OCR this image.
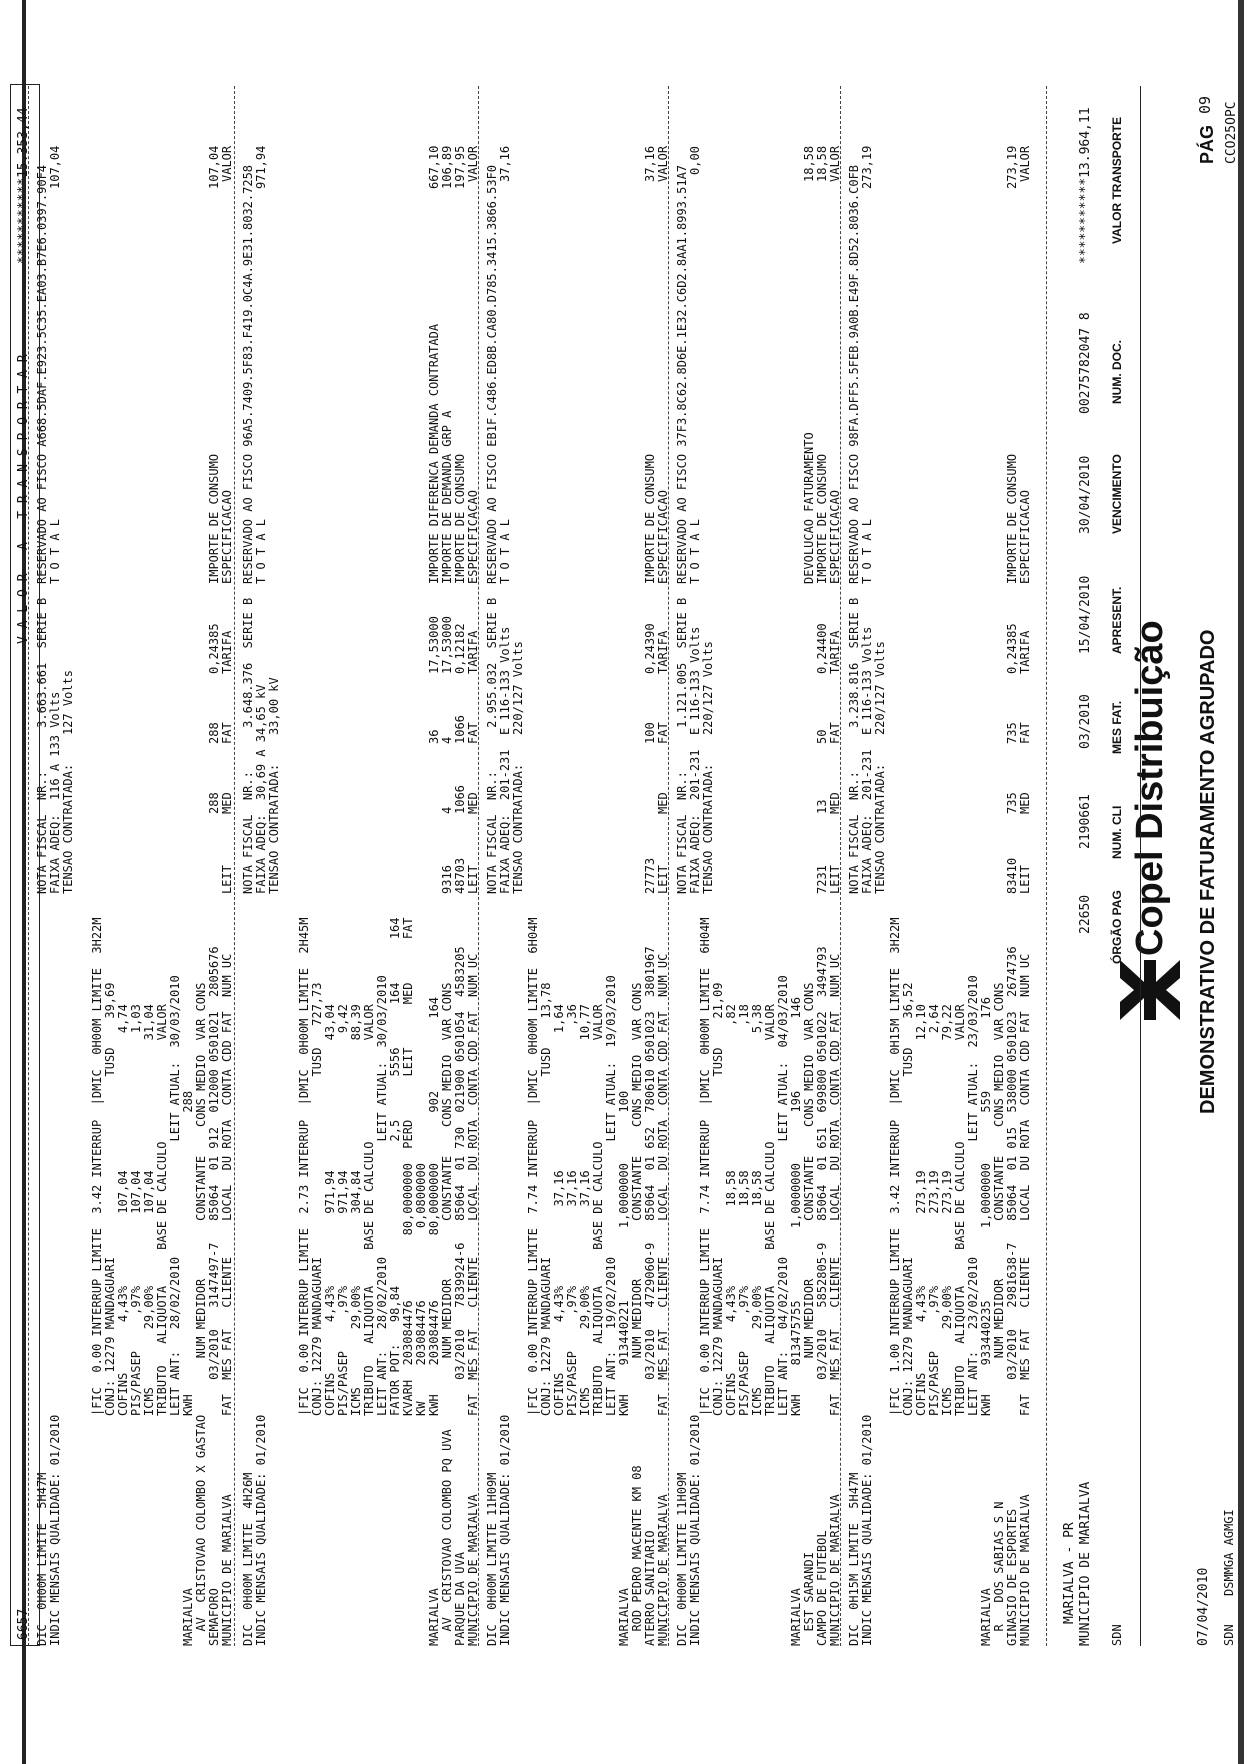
07/04/2010 SDN
DSMMGA AGMGI
Copel Distribuição DEMONSTRATIVO DE FATURAMENTO AGRUPADO
PÁG
09 CCO25OPC
SDN
ÓRGÃO PAG
NUM. CLI
MES FAT.
APRESENT.
VENCIMENTO
NUM. DOC.
VALOR TRANSPORTE
MUNICIPIO DE MARIALVA
MARIALVA - PR
22650
2190661
03/2010
15/04/2010
30/04/2010
00275782047 8
***********13.964,11
MUNICIPIO DE MARIALVA
GINASIO DE ESPORTES
R   DOS SABIAS S N
MARIALVA
FAT  MES FAT   CLIENTE     LOCAL  DU ROTA  CONTA CDD FAT  NUM UC
03/2010   2981638-7   85064  01 015  538000 0501023  2674736
NUM MEDIDOR        CONSTANTE    CONS MEDIO  VAR CONS
KWH    933440235          1,0000000       559          176
LEIT ANT:   23/02/2010                LEIT ATUAL:  23/03/2010
TRIBUTO   ALIQUOTA     BASE DE CALCULO              VALOR
ICMS        29,00%          273,19                  79,22
PIS/PASEP     ,97%          273,19                   2,64
COFINS       4,43%          273,19                  12,10
CONJ: 12279 MANDAGUARI                         TUSD    36,52
|FIC  1.00 INTERRUP LIMITE  3.42 INTERRUP  |DMIC  0H15M LIMITE  3H22M
LEIT
83410
MED
735
FAT
735
TARIFA
0,24385
ESPECIFICACAO
IMPORTE DE CONSUMO
VALOR
273,19
INDIC MENSAIS QUALIDADE: 01/2010
DIC  0H15M LIMITE  5H47M
TENSAO CONTRATADA:    220/127 Volts
FAIXA ADEQ:  201-231  E 116-133 Volts
NOTA FISCAL  NR.:      3.238.816  SERIE B
T O T A L
RESERVADO AO FISCO 98FA.DFF5.5FEB.9A0B.E49F.8D52.8036.C0FB 273,19
MUNICIPIO DE MARIALVA
CAMPO DE FUTEBOL
EST SARANDI
MARIALVA
FAT  MES FAT   CLIENTE     LOCAL  DU ROTA  CONTA CDD FAT  NUM UC
03/2010   5852805-9   85064  01 651  699800 0501022  3494793
NUM MEDIDOR        CONSTANTE    CONS MEDIO  VAR CONS
KWH    813475755          1,0000000       196          146
LEIT ANT:   04/02/2010                LEIT ATUAL:  04/03/2010
TRIBUTO   ALIQUOTA     BASE DE CALCULO              VALOR
ICMS        29,00%           18,58                   5,38
PIS/PASEP     ,97%           18,58                    ,18
COFINS       4,43%           18,58                    ,82
CONJ: 12279 MANDAGUARI                         TUSD    21,09
|FIC  0.00 INTERRUP LIMITE  7.74 INTERRUP  |DMIC  0H00M LIMITE  6H04M
LEIT
7231
MED
13
FAT
50
TARIFA
0,24400
ESPECIFICACAO
IMPORTE DE CONSUMO
DEVOLUCAO FATURAMENTO
VALOR
18,58
18,58
INDIC MENSAIS QUALIDADE: 01/2010
DIC  0H00M LIMITE 11H09M
TENSAO CONTRATADA:    220/127 Volts
FAIXA ADEQ:  201-231  E 116-133 Volts
NOTA FISCAL  NR.:      1.121.005  SERIE B
T O T A L
RESERVADO AO FISCO 37F3.8C62.8D6E.1E32.C6D2.8AA1.8993.51A7
0,00
MUNICIPIO DE MARIALVA
ATERRO SANITARIO
ROD PEDRO MACENTE KM 08
MARIALVA
FAT  MES FAT   CLIENTE     LOCAL  DU ROTA  CONTA CDD FAT  NUM UC
03/2010   4729060-9   85064  01 652  780610 0501023  3801967
NUM MEDIDOR        CONSTANTE    CONS MEDIO  VAR CONS
KWH    913440221          1,0000000       100
LEIT ANT:   19/02/2010                LEIT ATUAL:  19/03/2010
TRIBUTO   ALIQUOTA     BASE DE CALCULO              VALOR
ICMS        29,00%           37,16                  10,77
PIS/PASEP     ,97%           37,16                    ,36
COFINS       4,43%           37,16                   1,64
CONJ: 12279 MANDAGUARI                         TUSD    13,78
|FIC  0.00 INTERRUP LIMITE  7.74 INTERRUP  |DMIC  0H00M LIMITE  6H04M
LEIT
27773
MED
FAT
100
TARIFA
0,24390
ESPECIFICACAO
IMPORTE DE CONSUMO
VALOR
37,16
INDIC MENSAIS QUALIDADE: 01/2010
DIC  0H00M LIMITE 11H09M
TENSAO CONTRATADA:    220/127 Volts
FAIXA ADEQ:  201-231  E 116-133 Volts
NOTA FISCAL  NR.:      2.955.032  SERIE B
T O T A L
RESERVADO AO FISCO EB1F.C486.ED8B.CA80.D785.3415.3866.53F0
37,16
MUNICIPIO DE MARIALVA
PARQUE DA UVA
AV  CRISTOVAO COLOMBO PQ UVA
MARIALVA
FAT  MES FAT   CLIENTE     LOCAL  DU ROTA  CONTA CDD FAT  NUM UC
03/2010   7839924-6   85064  01 730  021900 0501054  4583205
NUM MEDIDOR        CONSTANTE    CONS MEDIO  VAR CONS
KWH    203084476         80,0000000       902          164
KW     203084476          0,0800000
KVARH  203084476         80,0000000  PERD      LEIT      MED      FAT
FATOR POT:   98,84                    2,5      5556      164      164
LEIT ANT:   28/02/2010                LEIT ATUAL:  30/03/2010
TRIBUTO   ALIQUOTA     BASE DE CALCULO              VALOR
ICMS        29,00%          304,84                  88,39
PIS/PASEP     ,97%          971,94                   9,42
COFINS       4,43%          971,94                  43,04
CONJ: 12279 MANDAGUARI                         TUSD   727,73
|FIC  0.00 INTERRUP LIMITE  2.73 INTERRUP  |DMIC  0H00M LIMITE  2H45M
LEIT
48703
9316
MED
1066
4
FAT
1066
4
36
TARIFA
0,12182
17,53000
17,53000
ESPECIFICACAO
IMPORTE DE CONSUMO
IMPORTE DE DEMANDA GRP A
IMPORTE DIFERENCA DEMANDA CONTRATADA
VALOR
197,95
106,89
667,10
INDIC MENSAIS QUALIDADE: 01/2010
DIC  0H00M LIMITE  4H26M
TENSAO CONTRATADA:    33,00 kV
FAIXA ADEQ:  30,69 A 34,65 kV
NOTA FISCAL  NR.:      3.648.376  SERIE B
T O T A L
RESERVADO AO FISCO 96A5.7409.5F83.F419.0C4A.9E31.8032.7258 971,94
MUNICIPIO DE MARIALVA
SEMAFORO
AV  CRISTOVAO COLOMBO X GASTAO
MARIALVA
FAT  MES FAT   CLIENTE     LOCAL  DU ROTA  CONTA CDD FAT  NUM UC
03/2010   3147497-7   85064  01 912  012000 0501021  2805676
NUM MEDIDOR        CONSTANTE    CONS MEDIO  VAR CONS
KWH                                       288
LEIT ANT:   28/02/2010                LEIT ATUAL:  30/03/2010
TRIBUTO   ALIQUOTA     BASE DE CALCULO              VALOR
ICMS        29,00%          107,04                  31,04
PIS/PASEP     ,97%          107,04                   1,03
COFINS       4,43%          107,04                   4,74
CONJ: 12279 MANDAGUARI                         TUSD    39,69
|FIC  0.00 INTERRUP LIMITE  3.42 INTERRUP  |DMIC  0H00M LIMITE  3H22M
LEIT
MED
288
FAT
288
TARIFA
0,24385
ESPECIFICACAO
IMPORTE DE CONSUMO
VALOR
107,04
INDIC MENSAIS QUALIDADE: 01/2010
DIC  0H00M LIMITE  5H47M
TENSAO CONTRATADA:    127 Volts
FAIXA ADEQ:  116 A 133 Volts
NOTA FISCAL  NR.:      3.663.661  SERIE B
T O T A L
RESERVADO AO FISCO A668.5DAF.E923.5C35.EA03.B7E6.0397.90F4 107,04
6657
V A L O R   A   T R A N S P O R T A R
***********15.353,44
